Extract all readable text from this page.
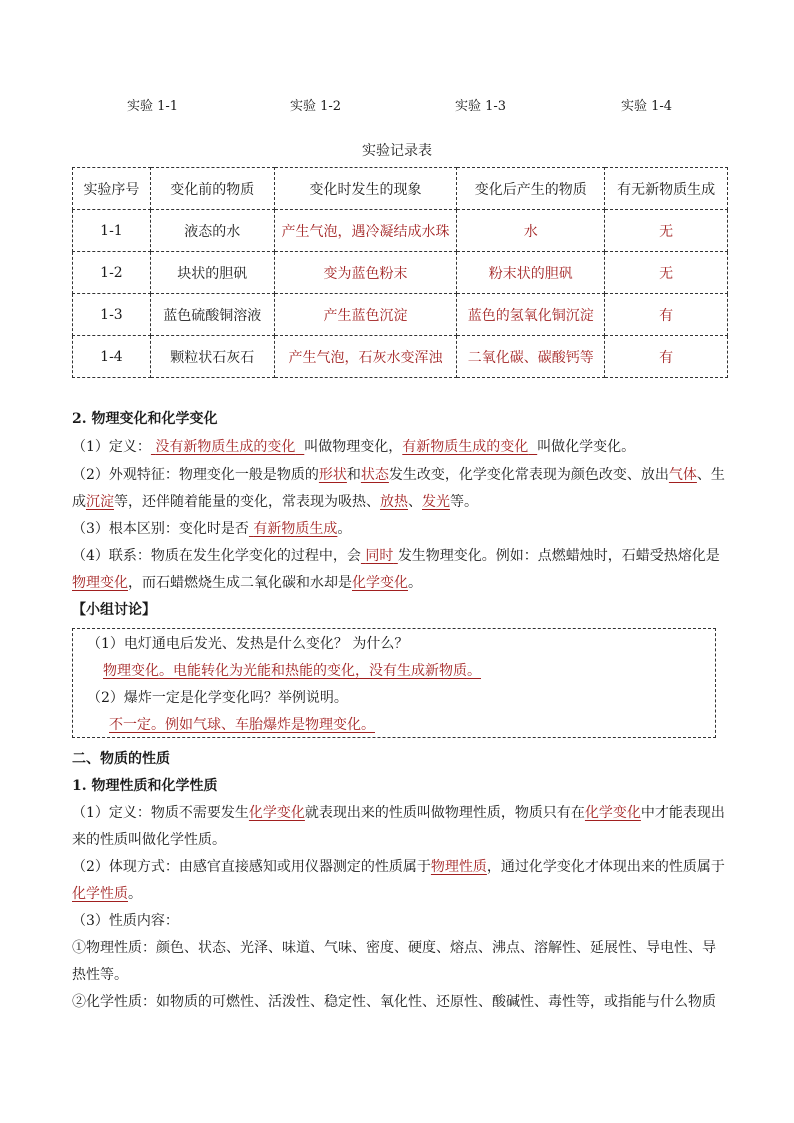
实验 1-1	实验 1-2	实验 1-3	实验 1-4
实验记录表
实验序号	变化前的物质	变化时发生的现象	变化后产生的物质	有无新物质生成
1-1	液态的水	产生气泡，遇冷凝结成水珠	水	无
1-2	块状的胆矾	变为蓝色粉末	粉末状的胆矾	无
1-3	蓝色硫酸铜溶液	产生蓝色沉淀	蓝色的氢氧化铜沉淀	有
1-4	颗粒状石灰石	产生气泡，石灰水变浑浊	二氧化碳、碳酸钙等	有
2. 物理变化和化学变化
（1）定义： 没有新物质生成的变化 叫做物理变化，有新物质生成的变化 叫做化学变化。
（2）外观特征：物理变化一般是物质的形状和状态发生改变，化学变化常表现为颜色改变、放出气体、生
成沉淀等，还伴随着能量的变化，常表现为吸热、放热、发光等。
（3）根本区别：变化时是否 有新物质生成。
（4）联系：物质在发生化学变化的过程中，会 同时 发生物理变化。例如：点燃蜡烛时，石蜡受热熔化是
物理变化，而石蜡燃烧生成二氧化碳和水却是化学变化。
【小组讨论】
（1）电灯通电后发光、发热是什么变化？ 为什么？
物理变化。电能转化为光能和热能的变化，没有生成新物质。
（2）爆炸一定是化学变化吗？举例说明。
不一定。例如气球、车胎爆炸是物理变化。
二、物质的性质
1. 物理性质和化学性质
（1）定义：物质不需要发生化学变化就表现出来的性质叫做物理性质，物质只有在化学变化中才能表现出
来的性质叫做化学性质。
（2）体现方式：由感官直接感知或用仪器测定的性质属于物理性质，通过化学变化才体现出来的性质属于
化学性质。
（3）性质内容：
①物理性质：颜色、状态、光泽、味道、气味、密度、硬度、熔点、沸点、溶解性、延展性、导电性、导
热性等。
②化学性质：如物质的可燃性、活泼性、稳定性、氧化性、还原性、酸碱性、毒性等，或指能与什么物质
